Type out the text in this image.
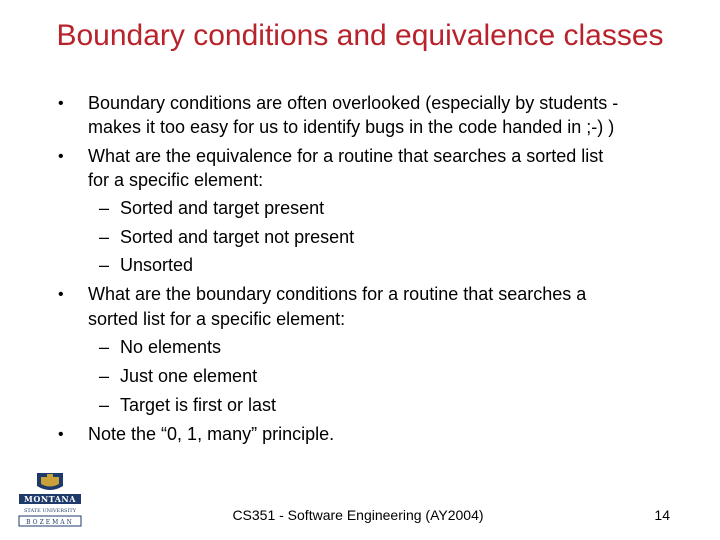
Boundary conditions and equivalence classes
• Boundary conditions are often overlooked (especially by students -
makes it too easy for us to identify bugs in the code handed in ;-) )
• What are the equivalence for a routine that searches a sorted list
for a specific element:
– Sorted and target present
– Sorted and target not present
– Unsorted
• What are the boundary conditions for a routine that searches a
sorted list for a specific element:
– No elements
– Just one element
– Target is first or last
• Note the “0, 1, many” principle.
MONTANA
STATE UNIVERSITY
BOZEMAN	CS351 - Software Engineering (AY2004)	14
